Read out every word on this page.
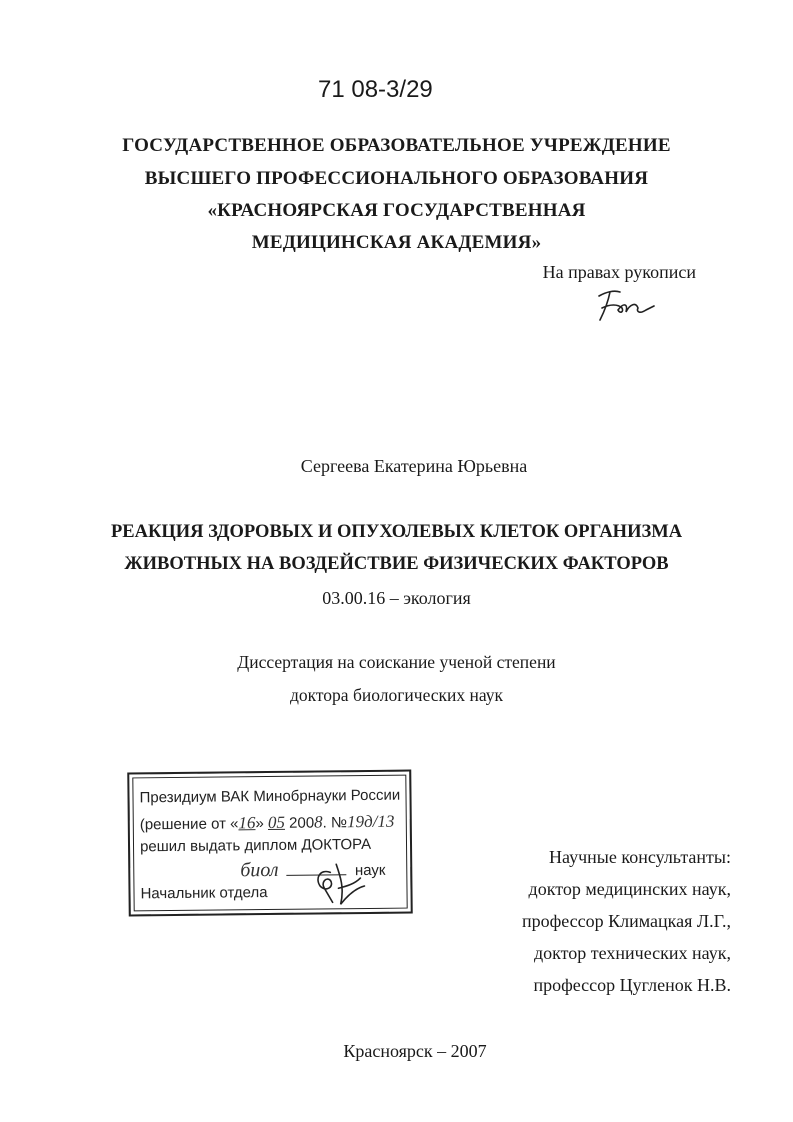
71 08-3/29
ГОСУДАРСТВЕННОЕ ОБРАЗОВАТЕЛЬНОЕ УЧРЕЖДЕНИЕ
ВЫСШЕГО ПРОФЕССИОНАЛЬНОГО ОБРАЗОВАНИЯ
«КРАСНОЯРСКАЯ ГОСУДАРСТВЕННАЯ
МЕДИЦИНСКАЯ АКАДЕМИЯ»
На правах рукописи
Сергеева Екатерина Юрьевна
РЕАКЦИЯ ЗДОРОВЫХ И ОПУХОЛЕВЫХ КЛЕТОК ОРГАНИЗМА
ЖИВОТНЫХ НА ВОЗДЕЙСТВИЕ ФИЗИЧЕСКИХ ФАКТОРОВ
03.00.16 – экология
Диссертация на соискание ученой степени
доктора биологических наук
Президиум ВАК Минобрнауки России
(решение от «16» 05 2008. №19д/13
решил выдать диплом ДОКТОРА
биол	наук
Начальник отдела
Научные консультанты:
доктор медицинских наук,
профессор Климацкая Л.Г.,
доктор технических наук,
профессор Цугленок Н.В.
Красноярск – 2007
